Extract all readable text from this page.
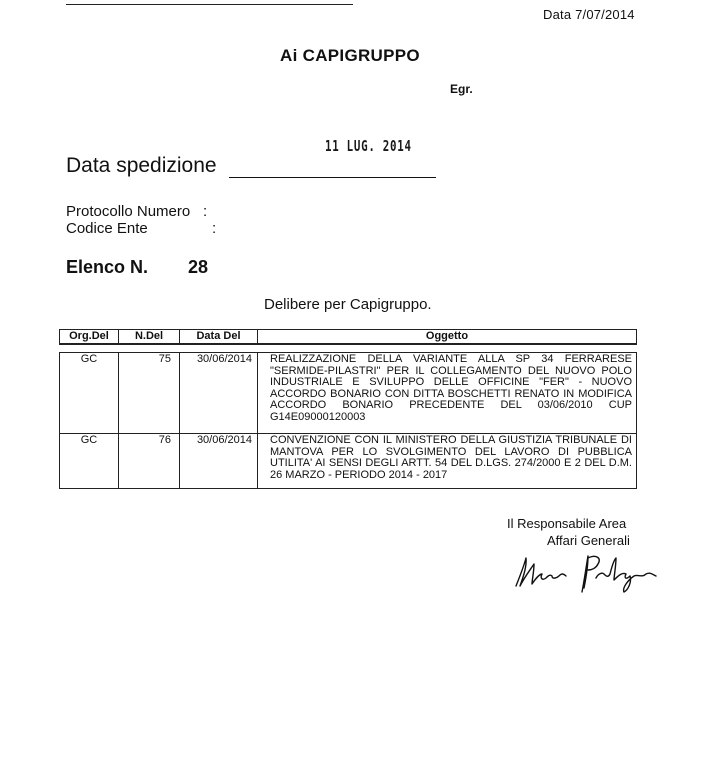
Data 7/07/2014
Ai CAPIGRUPPO
Egr.
11 LUG. 2014
Data spedizione
Protocollo Numero :
Codice Ente	:
Elenco N. 28
Delibere per Capigruppo.
Org.Del	N.Del	Data Del	Oggetto
GC	75	30/06/2014	REALIZZAZIONE DELLA VARIANTE ALLA SP 34 FERRARESE "SERMIDE-PILASTRI" PER IL COLLEGAMENTO DEL NUOVO POLO INDUSTRIALE E SVILUPPO DELLE OFFICINE "FER" - NUOVO ACCORDO BONARIO CON DITTA BOSCHETTI RENATO IN MODIFICA ACCORDO BONARIO PRECEDENTE DEL 03/06/2010 CUP G14E09000120003
GC	76	30/06/2014	CONVENZIONE CON IL MINISTERO DELLA GIUSTIZIA TRIBUNALE DI MANTOVA PER LO SVOLGIMENTO DEL LAVORO DI PUBBLICA UTILITA' AI SENSI DEGLI ARTT. 54 DEL D.LGS. 274/2000 E 2 DEL D.M. 26 MARZO - PERIODO 2014 - 2017
Il Responsabile Area
Affari Generali
